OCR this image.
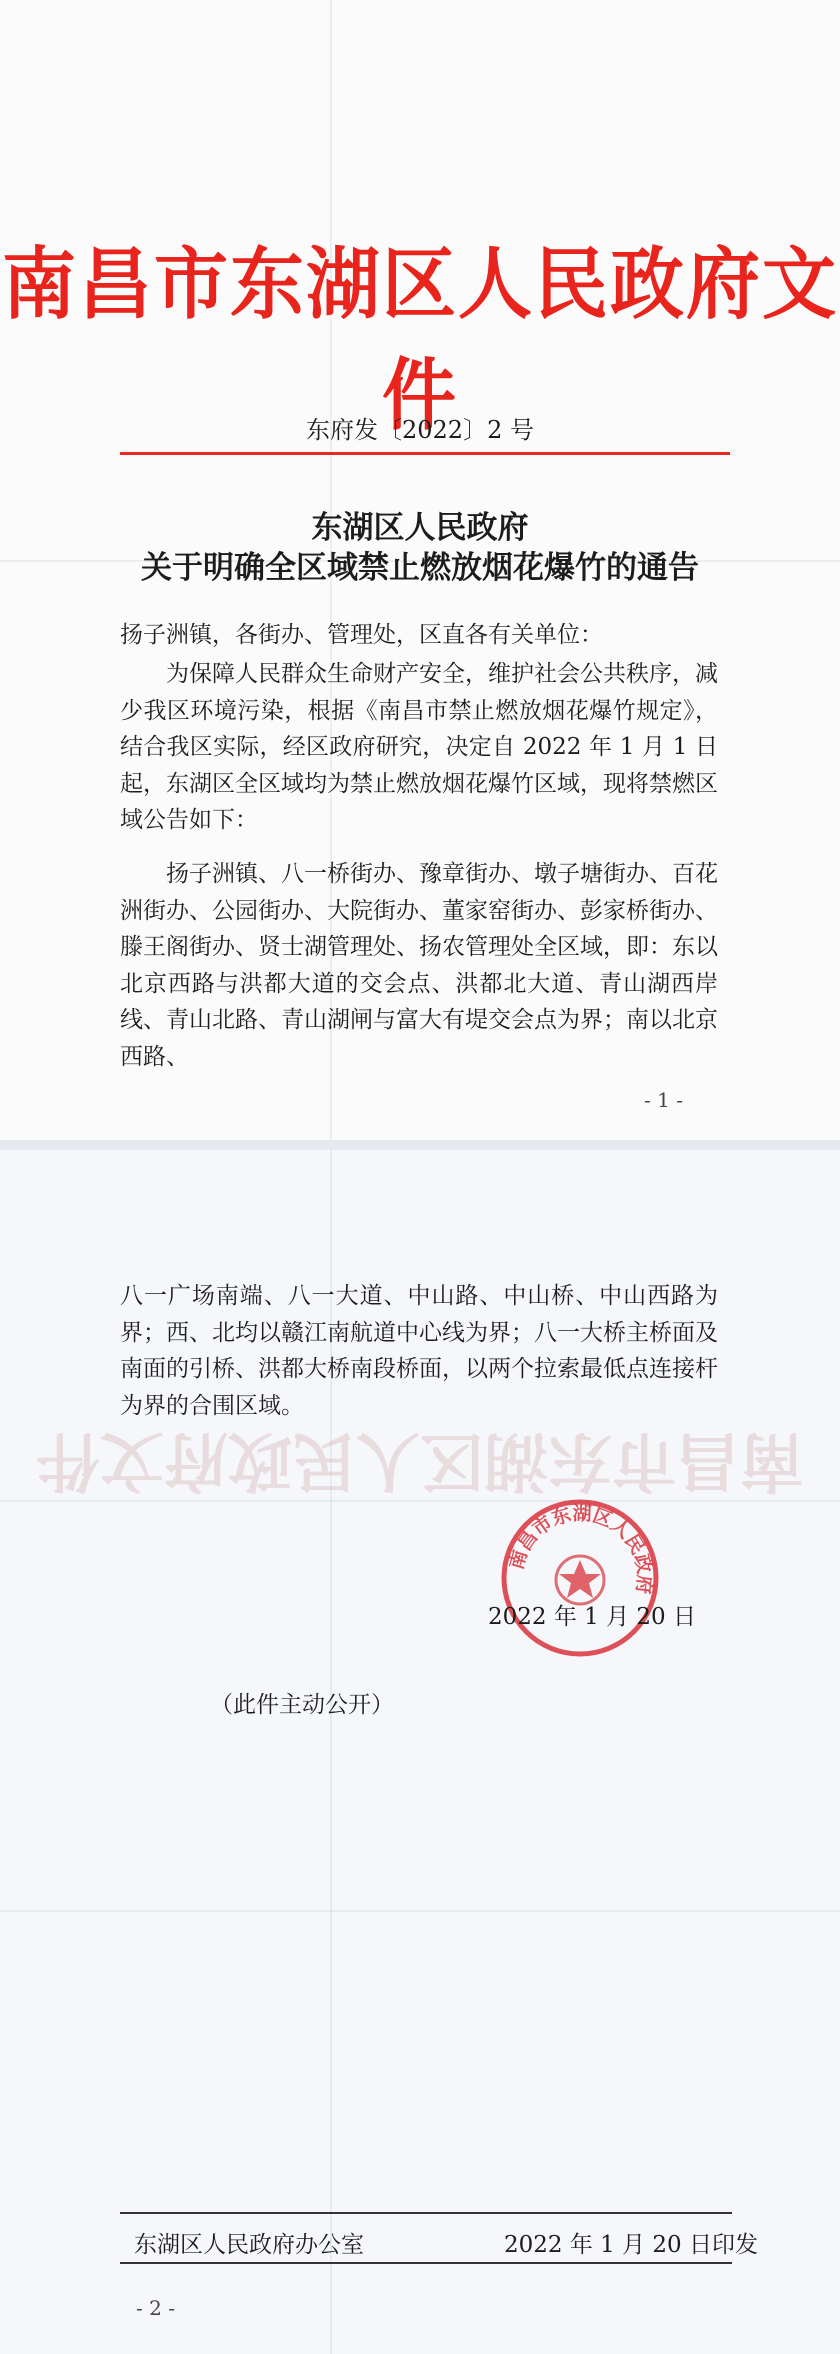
南昌市东湖区人民政府文件
东府发〔2022〕2 号
东湖区人民政府
关于明确全区域禁止燃放烟花爆竹的通告

扬子洲镇，各街办、管理处，区直各有关单位：

为保障人民群众生命财产安全，维护社会公共秩序，减少我区环境污染，根据《南昌市禁止燃放烟花爆竹规定》，结合我区实际，经区政府研究，决定自 2022 年 1 月 1 日起，东湖区全区域均为禁止燃放烟花爆竹区域，现将禁燃区域公告如下：

扬子洲镇、八一桥街办、豫章街办、墩子塘街办、百花洲街办、公园街办、大院街办、董家窑街办、彭家桥街办、滕王阁街办、贤士湖管理处、扬农管理处全区域，即：东以北京西路与洪都大道的交会点、洪都北大道、青山湖西岸线、青山北路、青山湖闸与富大有堤交会点为界；南以北京西路、

- 1 -
南昌市东湖区人民政府文件

八一广场南端、八一大道、中山路、中山桥、中山西路为界；西、北均以赣江南航道中心线为界；八一大桥主桥面及南面的引桥、洪都大桥南段桥面，以两个拉索最低点连接杆为界的合围区域。

南昌市东湖区人民政府
2022 年 1 月 20 日
（此件主动公开）
东湖区人民政府办公室	2022 年 1 月 20 日印发
- 2 -
